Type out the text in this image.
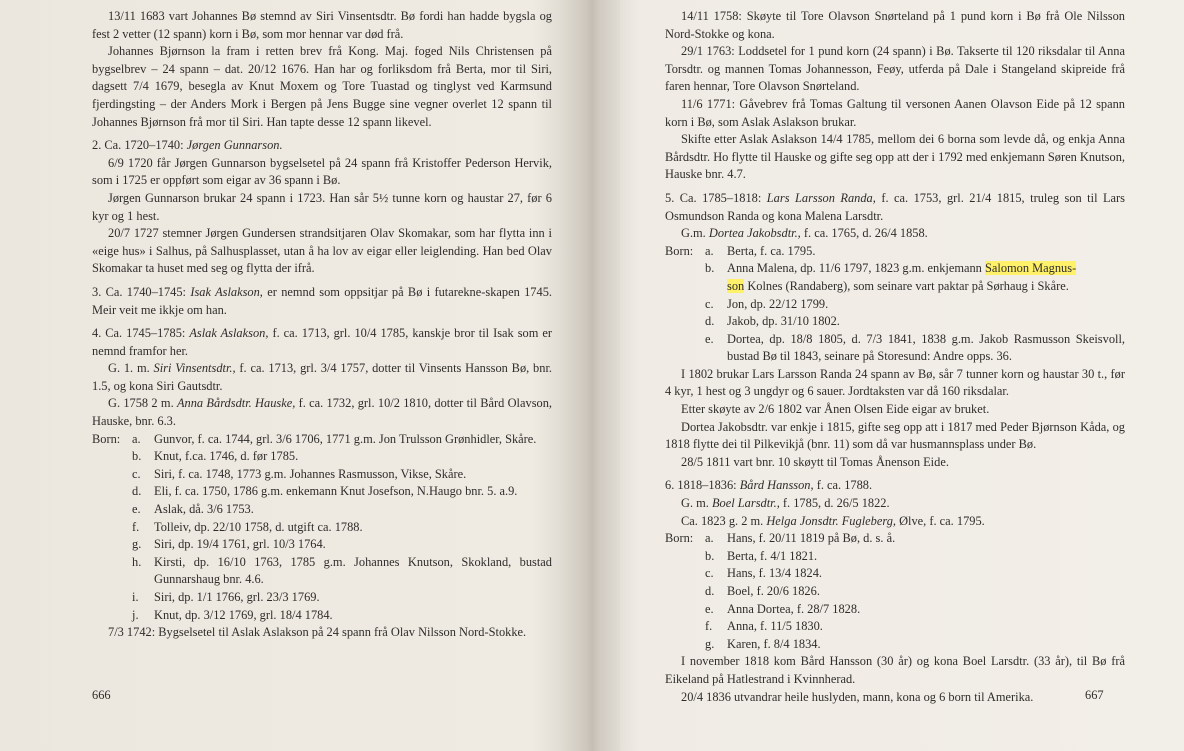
13/11 1683 vart Johannes Bø stemnd av Siri Vinsentsdtr. Bø fordi han hadde bygsla og fest 2 vetter (12 spann) korn i Bø, som mor hennar var død frå.

Johannes Bjørnson la fram i retten brev frå Kong. Maj. foged Nils Christensen på bygselbrev – 24 spann – dat. 20/12 1676. Han har og forliksdom frå Berta, mor til Siri, dagsett 7/4 1679, besegla av Knut Moxem og Tore Tuastad og tinglyst ved Karmsund fjerdingsting – der Anders Mork i Bergen på Jens Bugge sine vegner overlet 12 spann til Johannes Bjørnson frå mor til Siri. Han tapte desse 12 spann likevel.

2. Ca. 1720–1740: Jørgen Gunnarson.

6/9 1720 får Jørgen Gunnarson bygselsetel på 24 spann frå Kristoffer Pederson Hervik, som i 1725 er oppført som eigar av 36 spann i Bø.

Jørgen Gunnarson brukar 24 spann i 1723. Han sår 5½ tunne korn og haustar 27, før 6 kyr og 1 hest.

20/7 1727 stemner Jørgen Gundersen strandsitjaren Olav Skomakar, som har flytta inn i «eige hus» i Salhus, på Salhusplasset, utan å ha lov av eigar eller leiglending. Han bed Olav Skomakar ta huset med seg og flytta der ifrå.

3. Ca. 1740–1745: Isak Aslakson, er nemnd som oppsitjar på Bø i futarekne-skapen 1745. Meir veit me ikkje om han.

4. Ca. 1745–1785: Aslak Aslakson, f. ca. 1713, grl. 10/4 1785, kanskje bror til Isak som er nemnd framfor her.

G. 1. m. Siri Vinsentsdtr., f. ca. 1713, grl. 3/4 1757, dotter til Vinsents Hansson Bø, bnr. 1.5, og kona Siri Gautsdtr.

G. 1758 2 m. Anna Bårdsdtr. Hauske, f. ca. 1732, grl. 10/2 1810, dotter til Bård Olavson, Hauske, bnr. 6.3.

Born: a.	Gunvor, f. ca. 1744, grl. 3/6 1706, 1771 g.m. Jon Trulsson Grønhidler, Skåre.
b.	Knut, f.ca. 1746, d. før 1785.
c.	Siri, f. ca. 1748, 1773 g.m. Johannes Rasmusson, Vikse, Skåre.
d.	Eli, f. ca. 1750, 1786 g.m. enkemann Knut Josefson, N.Haugo bnr. 5. a.9.
e.	Aslak, då. 3/6 1753.
f.	Tolleiv, dp. 22/10 1758, d. utgift ca. 1788.
g.	Siri, dp. 19/4 1761, grl. 10/3 1764.
h.	Kirsti, dp. 16/10 1763, 1785 g.m. Johannes Knutson, Skokland, bustad Gunnarshaug bnr. 4.6.
i.	Siri, dp. 1/1 1766, grl. 23/3 1769.
j.	Knut, dp. 3/12 1769, grl. 18/4 1784.

7/3 1742: Bygselsetel til Aslak Aslakson på 24 spann frå Olav Nilsson Nord-Stokke.

666

14/11 1758: Skøyte til Tore Olavson Snørteland på 1 pund korn i Bø frå Ole Nilsson Nord-Stokke og kona.

29/1 1763: Loddsetel for 1 pund korn (24 spann) i Bø. Takserte til 120 riksdalar til Anna Torsdtr. og mannen Tomas Johannesson, Feøy, utferda på Dale i Stangeland skipreide frå faren hennar, Tore Olavson Snørteland.

11/6 1771: Gåvebrev frå Tomas Galtung til versonen Aanen Olavson Eide på 12 spann korn i Bø, som Aslak Aslakson brukar.

Skifte etter Aslak Aslakson 14/4 1785, mellom dei 6 borna som levde då, og enkja Anna Bårdsdtr. Ho flytte til Hauske og gifte seg opp att der i 1792 med enkjemann Søren Knutson, Hauske bnr. 4.7.

5. Ca. 1785–1818: Lars Larsson Randa, f. ca. 1753, grl. 21/4 1815, truleg son til Lars Osmundson Randa og kona Malena Larsdtr.

G.m. Dortea Jakobsdtr., f. ca. 1765, d. 26/4 1858.

Born: a.	Berta, f. ca. 1795.
b.	Anna Malena, dp. 11/6 1797, 1823 g.m. enkjemann Salomon Magnus-
son Kolnes (Randaberg), som seinare vart paktar på Sørhaug i Skåre.
c.	Jon, dp. 22/12 1799.
d.	Jakob, dp. 31/10 1802.
e.	Dortea, dp. 18/8 1805, d. 7/3 1841, 1838 g.m. Jakob Rasmusson Skeisvoll, bustad Bø til 1843, seinare på Storesund: Andre opps. 36.

I 1802 brukar Lars Larsson Randa 24 spann av Bø, sår 7 tunner korn og haustar 30 t., før 4 kyr, 1 hest og 3 ungdyr og 6 sauer. Jordtaksten var då 160 riksdalar.

Etter skøyte av 2/6 1802 var Ånen Olsen Eide eigar av bruket.

Dortea Jakobsdtr. var enkje i 1815, gifte seg opp att i 1817 med Peder Bjørnson Kåda, og 1818 flytte dei til Pilkevikjå (bnr. 11) som då var husmannsplass under Bø.

28/5 1811 vart bnr. 10 skøytt til Tomas Ånenson Eide.

6. 1818–1836: Bård Hansson, f. ca. 1788.

G. m. Boel Larsdtr., f. 1785, d. 26/5 1822.

Ca. 1823 g. 2 m. Helga Jonsdtr. Fugleberg, Ølve, f. ca. 1795.

Born: a.	Hans, f. 20/11 1819 på Bø, d. s. å.
b.	Berta, f. 4/1 1821.
c.	Hans, f. 13/4 1824.
d.	Boel, f. 20/6 1826.
e.	Anna Dortea, f. 28/7 1828.
f.	Anna, f. 11/5 1830.
g.	Karen, f. 8/4 1834.

I november 1818 kom Bård Hansson (30 år) og kona Boel Larsdtr. (33 år), til Bø frå Eikeland på Hatlestrand i Kvinnherad.

20/4 1836 utvandrar heile huslyden, mann, kona og 6 born til Amerika.	667
